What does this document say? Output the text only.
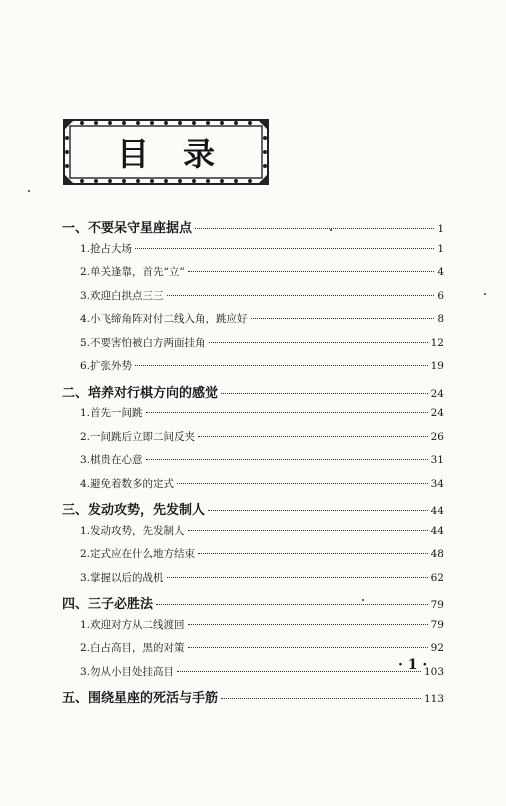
目录
一、 不要呆守星座据点	1
1. 抢占大场	1
2. 单关逢靠，首先“立”	4
3. 欢迎白拱点三三	6
4. 小飞缔角阵对付二线入角，跳应好	8
5. 不要害怕被白方两面挂角	12
6. 扩张外势	19
二、 培养对行棋方向的感觉	24
1. 首先一间跳	24
2. 一间跳后立即二间反夹	26
3. 棋贵在心意	31
4. 避免着数多的定式	34
三、 发动攻势，先发制人	44
1. 发动攻势，先发制人	44
2. 定式应在什么地方结束	48
3. 掌握以后的战机	62
四、 三子必胜法	79
1. 欢迎对方从二线渡回	79
2. 白占高目，黑的对策	92
3. 勿从小目处挂高目	103
五、 围绕星座的死活与手筋	113
· 1 ·
